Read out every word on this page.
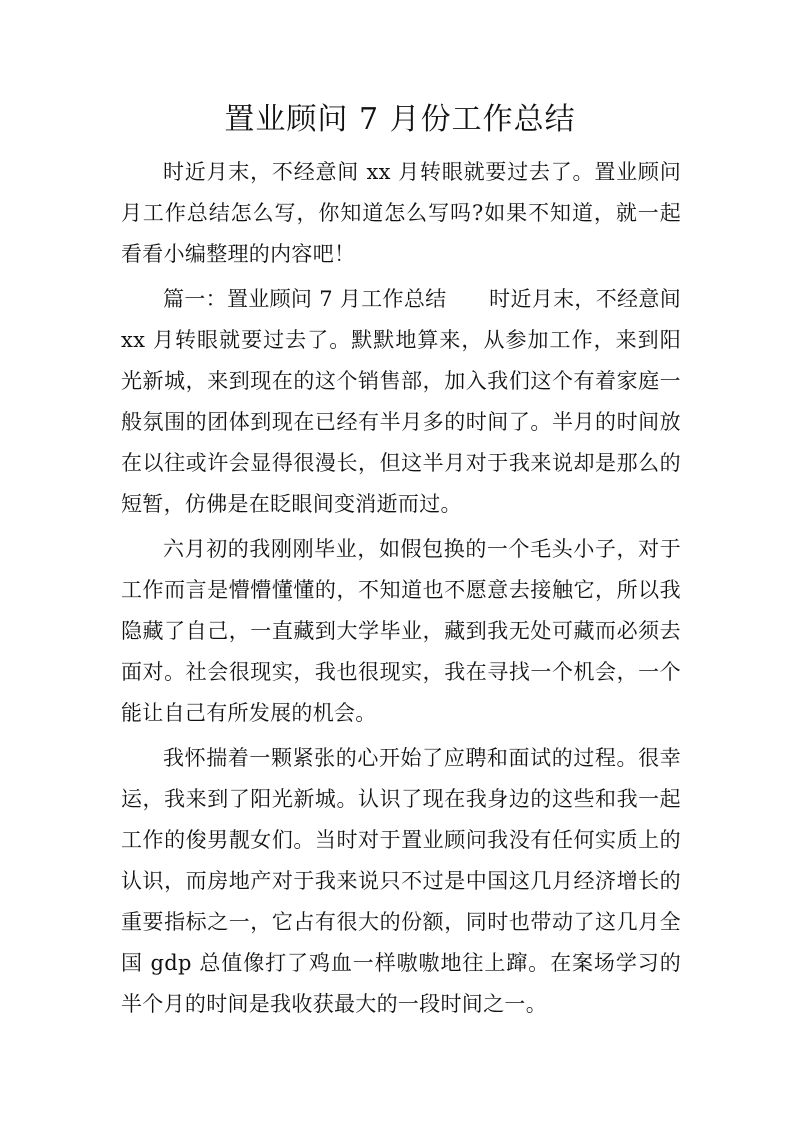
置业顾问 7 月份工作总结

时近月末，不经意间 xx 月转眼就要过去了。置业顾问月工作总结怎么写，你知道怎么写吗?如果不知道，就一起看看小编整理的内容吧！

篇一：置业顾问 7 月工作总结　　时近月末，不经意间 xx 月转眼就要过去了。默默地算来，从参加工作，来到阳光新城，来到现在的这个销售部，加入我们这个有着家庭一般氛围的团体到现在已经有半月多的时间了。半月的时间放在以往或许会显得很漫长，但这半月对于我来说却是那么的短暂，仿佛是在眨眼间变消逝而过。

六月初的我刚刚毕业，如假包换的一个毛头小子，对于工作而言是懵懵懂懂的，不知道也不愿意去接触它，所以我隐藏了自己，一直藏到大学毕业，藏到我无处可藏而必须去面对。社会很现实，我也很现实，我在寻找一个机会，一个能让自己有所发展的机会。

我怀揣着一颗紧张的心开始了应聘和面试的过程。很幸运，我来到了阳光新城。认识了现在我身边的这些和我一起工作的俊男靓女们。当时对于置业顾问我没有任何实质上的认识，而房地产对于我来说只不过是中国这几月经济增长的重要指标之一，它占有很大的份额，同时也带动了这几月全国 gdp 总值像打了鸡血一样嗷嗷地往上蹿。在案场学习的半个月的时间是我收获最大的一段时间之一。
